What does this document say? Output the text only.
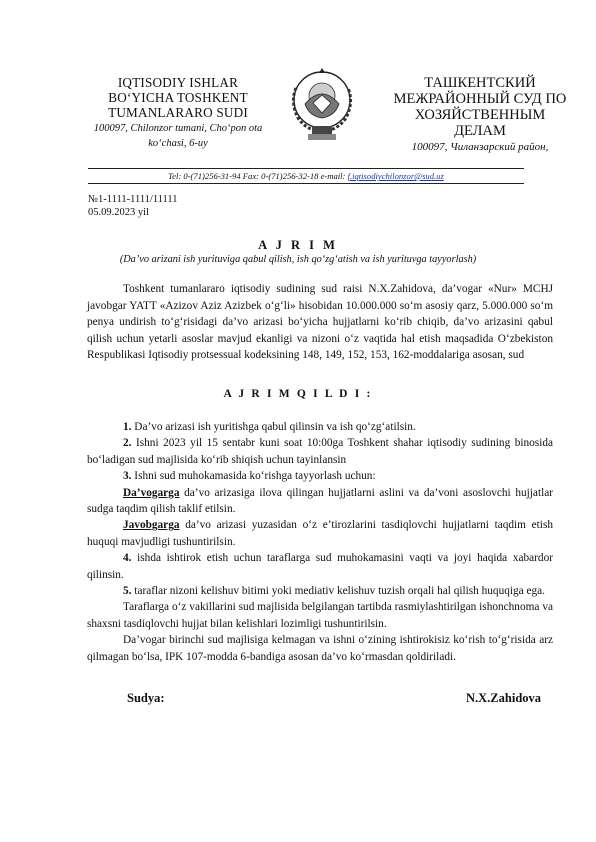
IQTISODIY ISHLAR
BO‘YICHA TOSHKENT
TUMANLARARO SUDI
100097, Chilonzor tumani, Cho‘pon ota
ko‘chasi, 6-uy
ТАШКЕНТСКИЙ
МЕЖРАЙОННЫЙ СУД ПО
ХОЗЯЙСТВЕННЫМ
ДЕЛАМ
100097, Чиланзарский район,
Tel: 0-(71)256-31-94 Fax: 0-(71)256-32-18 e-mail: f.iqtisodiychilonzor@sud.uz
№1-1111-1111/11111
05.09.2023 yil
A J R I M
(Da’vo arizani ish yurituviga qabul qilish, ish qo‘zg‘atish va ish yurituvga tayyorlash)

Toshkent tumanlararo iqtisodiy sudining sud raisi N.X.Zahidova, da’vogar «Nur» MCHJ javobgar YATT «Azizov Aziz Azizbek o‘g‘li» hisobidan 10.000.000 so‘m asosiy qarz, 5.000.000 so‘m penya undirish to‘g‘risidagi da’vo arizasi bo‘yicha hujjatlarni ko‘rib chiqib, da’vo arizasini qabul qilish uchun yetarli asoslar mavjud ekanligi va nizoni o‘z vaqtida hal etish maqsadida O‘zbekiston Respublikasi Iqtisodiy protsessual kodeksining 148, 149, 152, 153, 162-moddalariga asosan, sud

A J R I M Q I L D I :

1. Da’vo arizasi ish yuritishga qabul qilinsin va ish qo‘zg‘atilsin.

2. Ishni 2023 yil 15 sentabr kuni soat 10:00ga Toshkent shahar iqtisodiy sudining binosida bo‘ladigan sud majlisida ko‘rib shiqish uchun tayinlansin

3. Ishni sud muhokamasida ko‘rishga tayyorlash uchun:

Da’vogarga da’vo arizasiga ilova qilingan hujjatlarni aslini va da’voni asoslovchi hujjatlar sudga taqdim qilish taklif etilsin.

Javobgarga da’vo arizasi yuzasidan o‘z e’tirozlarini tasdiqlovchi hujjatlarni taqdim etish huquqi mavjudligi tushuntirilsin.

4. ishda ishtirok etish uchun taraflarga sud muhokamasini vaqti va joyi haqida xabardor qilinsin.

5. taraflar nizoni kelishuv bitimi yoki mediativ kelishuv tuzish orqali hal qilish huquqiga ega.

Taraflarga o‘z vakillarini sud majlisida belgilangan tartibda rasmiylashtirilgan ishonchnoma va shaxsni tasdiqlovchi hujjat bilan kelishlari lozimligi tushuntirilsin.

Da’vogar birinchi sud majlisiga kelmagan va ishni o‘zining ishtirokisiz ko‘rish to‘g‘risida arz qilmagan bo‘lsa, IPK 107-modda 6-bandiga asosan da’vo ko‘rmasdan qoldiriladi.

Sudya:	N.X.Zahidova
